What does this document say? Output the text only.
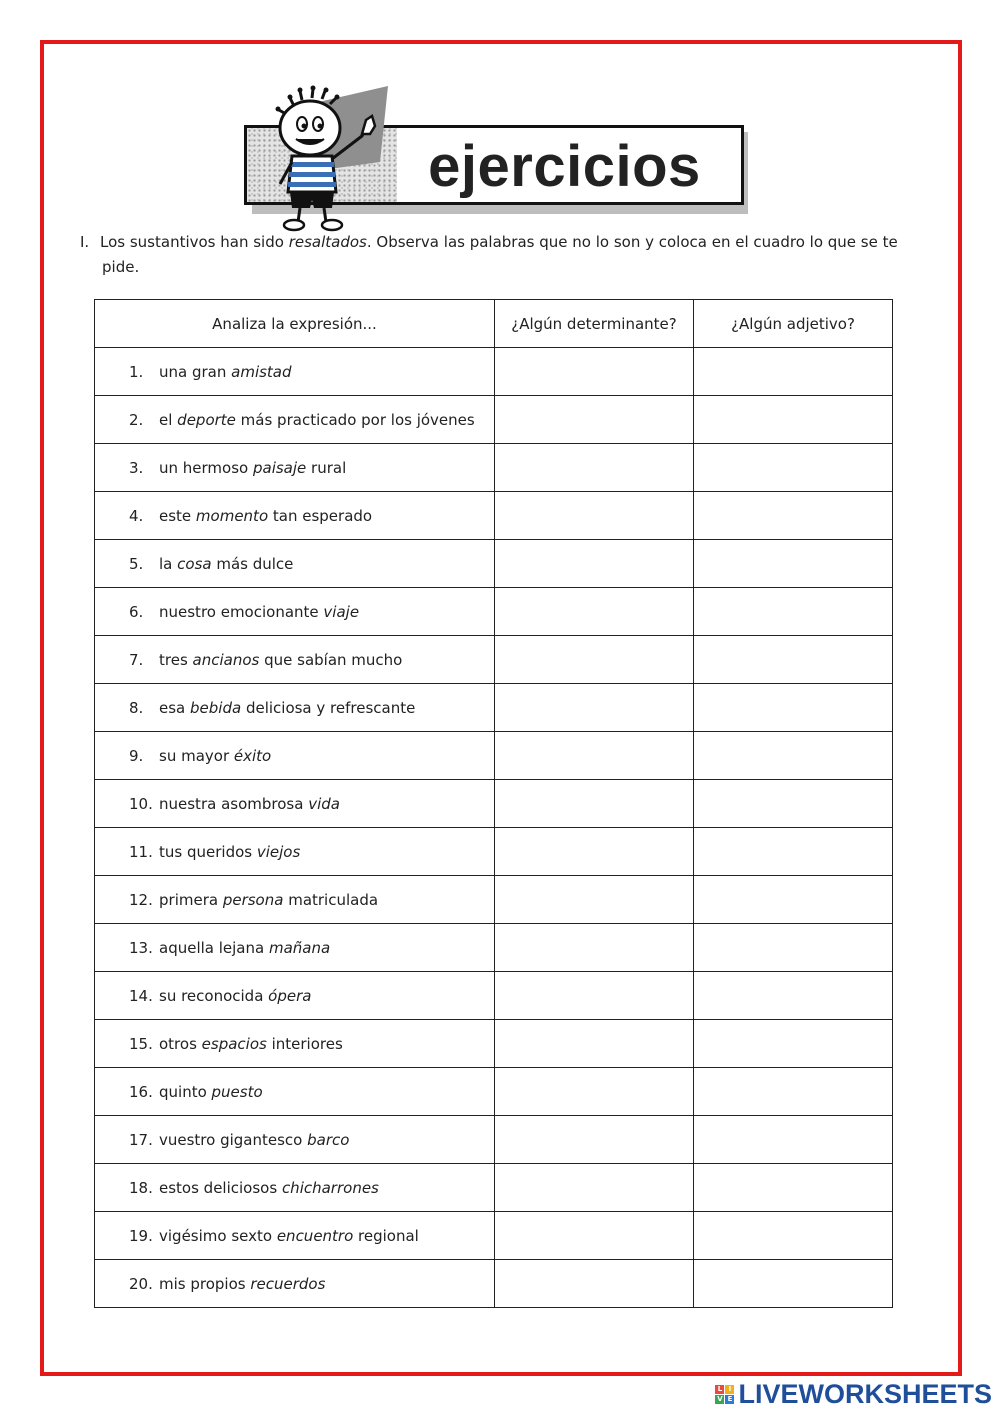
ejercicios
I. Los sustantivos han sido resaltados. Observa las palabras que no lo son y coloca en el cuadro lo que se te
pide.
Analiza la expresión...	¿Algún determinante?	¿Algún adjetivo?
1. una gran amistad		
2. el deporte más practicado por los jóvenes		
3. un hermoso paisaje rural		
4. este momento tan esperado		
5. la cosa más dulce		
6. nuestro emocionante viaje		
7. tres ancianos que sabían mucho		
8. esa bebida deliciosa y refrescante		
9. su mayor éxito		
10. nuestra asombrosa vida		
11. tus queridos viejos		
12. primera persona matriculada		
13. aquella lejana mañana		
14. su reconocida ópera		
15. otros espacios interiores		
16. quinto puesto		
17. vuestro gigantesco barco		
18. estos deliciosos chicharrones		
19. vigésimo sexto encuentro regional		
20. mis propios recuerdos		
L I
V E LIVEWORKSHEETS
